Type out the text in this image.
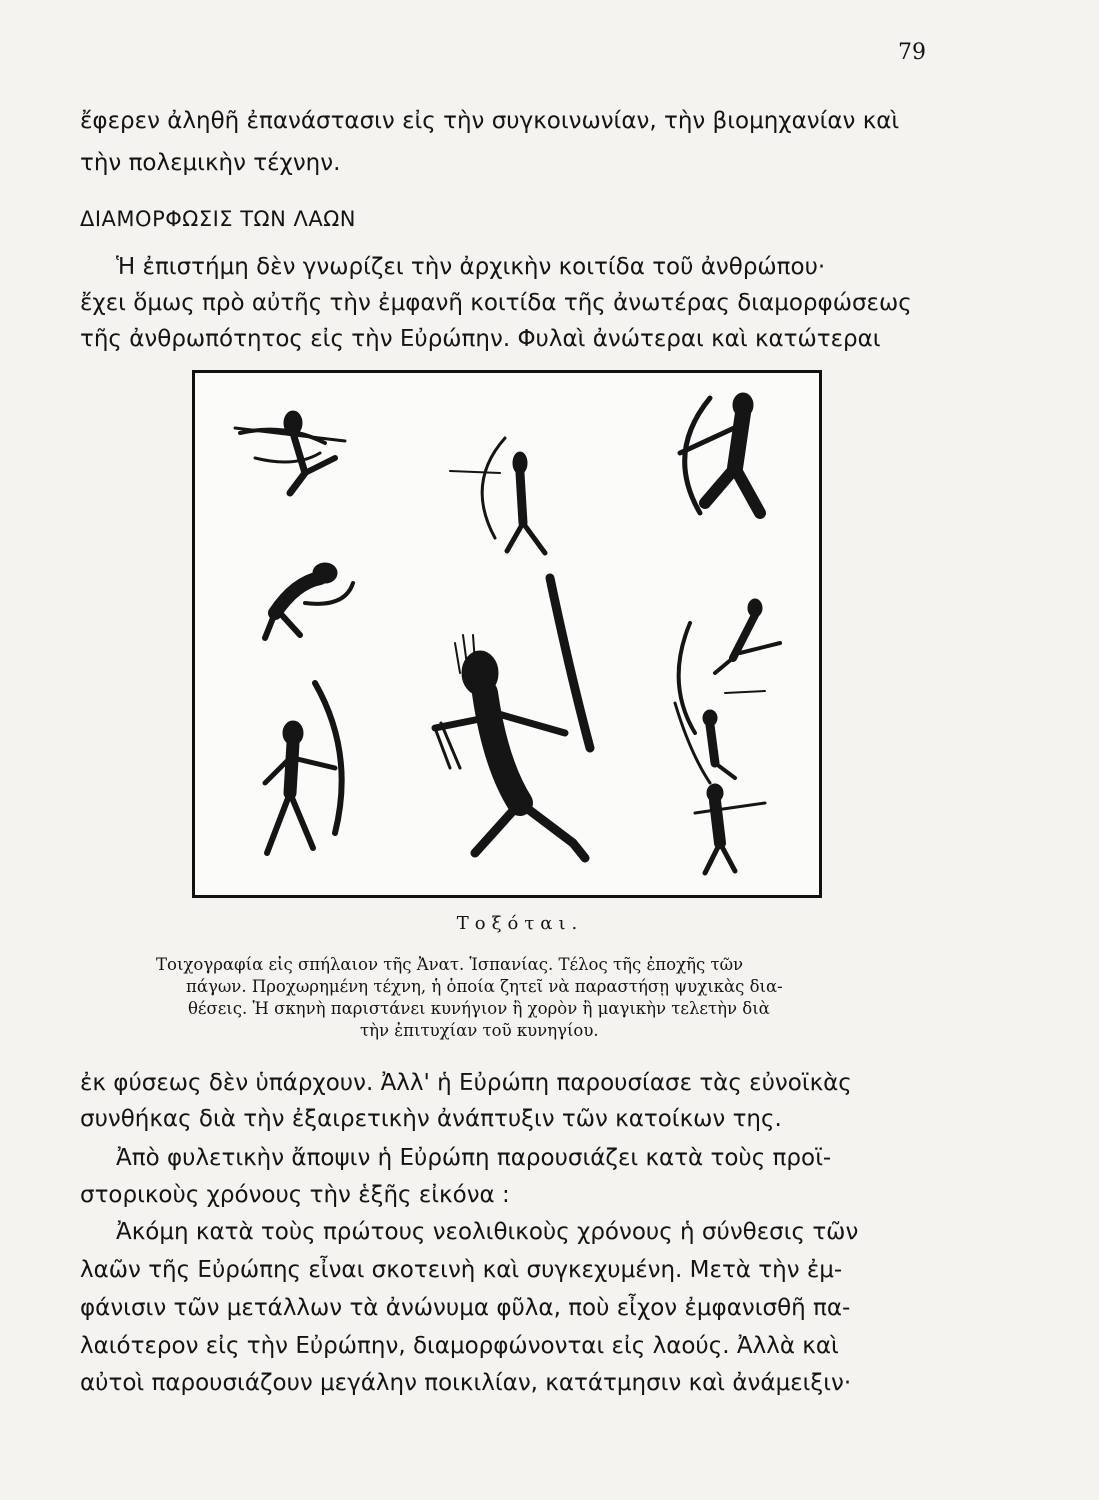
79
ἔφερεν ἀληθῆ ἐπανάστασιν εἰς τὴν συγκοινωνίαν, τὴν βιομηχανίαν καὶ
τὴν πολεμικὴν τέχνην.
ΔΙΑΜΟΡΦΩΣΙΣ ΤΩΝ ΛΑΩΝ
Ἡ ἐπιστήμη δὲν γνωρίζει τὴν ἀρχικὴν κοιτίδα τοῦ ἀνθρώπου·
ἔχει ὅμως πρὸ αὐτῆς τὴν ἐμφανῆ κοιτίδα τῆς ἀνωτέρας διαμορφώσεως
τῆς ἀνθρωπότητος εἰς τὴν Εὐρώπην. Φυλαὶ ἀνώτεραι καὶ κατώτεραι
Τοξόται.
Τοιχογραφία εἰς σπήλαιον τῆς Ἀνατ. Ἱσπανίας. Τέλος τῆς ἐποχῆς τῶν
πάγων. Προχωρημένη τέχνη, ἡ ὁποία ζητεῖ νὰ παραστήσῃ ψυχικὰς δια-
θέσεις. Ἡ σκηνὴ παριστάνει κυνήγιον ἢ χορὸν ἢ μαγικὴν τελετὴν διὰ
τὴν ἐπιτυχίαν τοῦ κυνηγίου.
ἐκ φύσεως δὲν ὑπάρχουν. Ἀλλ' ἡ Εὐρώπη παρουσίασε τὰς εὐνοϊκὰς
συνθήκας διὰ τὴν ἐξαιρετικὴν ἀνάπτυξιν τῶν κατοίκων της.
Ἀπὸ φυλετικὴν ἄποψιν ἡ Εὐρώπη παρουσιάζει κατὰ τοὺς προϊ-
στορικοὺς χρόνους τὴν ἑξῆς εἰκόνα :
Ἀκόμη κατὰ τοὺς πρώτους νεολιθικοὺς χρόνους ἡ σύνθεσις τῶν
λαῶν τῆς Εὐρώπης εἶναι σκοτεινὴ καὶ συγκεχυμένη. Μετὰ τὴν ἐμ-
φάνισιν τῶν μετάλλων τὰ ἀνώνυμα φῦλα, ποὺ εἶχον ἐμφανισθῆ πα-
λαιότερον εἰς τὴν Εὐρώπην, διαμορφώνονται εἰς λαούς. Ἀλλὰ καὶ
αὐτοὶ παρουσιάζουν μεγάλην ποικιλίαν, κατάτμησιν καὶ ἀνάμειξιν·
